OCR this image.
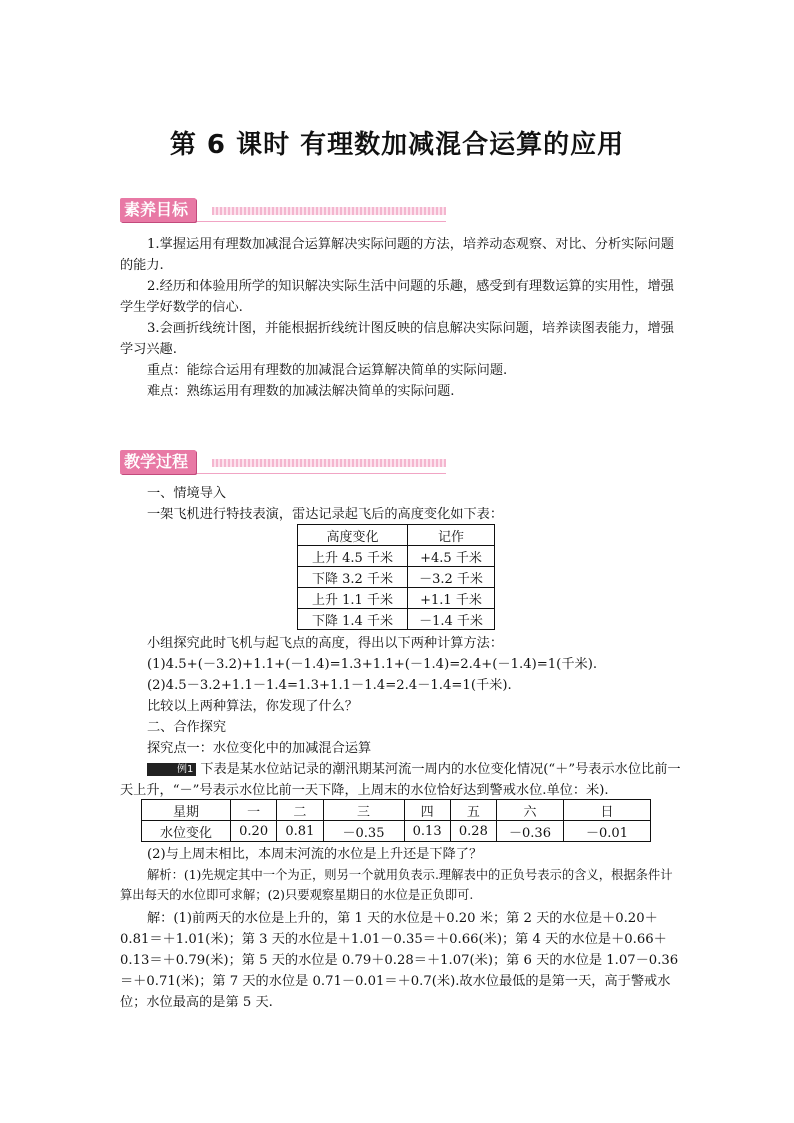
第 6 课时 有理数加减混合运算的应用
素养目标
1.掌握运用有理数加减混合运算解决实际问题的方法，培养动态观察、对比、分析实际问题的能力.
2.经历和体验用所学的知识解决实际生活中问题的乐趣，感受到有理数运算的实用性，增强学生学好数学的信心.
3.会画折线统计图，并能根据折线统计图反映的信息解决实际问题，培养读图表能力，增强学习兴趣.
重点：能综合运用有理数的加减混合运算解决简单的实际问题.
难点：熟练运用有理数的加减法解决简单的实际问题.
教学过程
一、情境导入
一架飞机进行特技表演，雷达记录起飞后的高度变化如下表：
高度变化	记作
上升 4.5 千米	+4.5 千米
下降 3.2 千米	－3.2 千米
上升 1.1 千米	+1.1 千米
下降 1.4 千米	－1.4 千米
小组探究此时飞机与起飞点的高度，得出以下两种计算方法：
(1)4.5+(－3.2)+1.1+(－1.4)=1.3+1.1+(－1.4)=2.4+(－1.4)=1(千米).
(2)4.5－3.2+1.1－1.4=1.3+1.1－1.4=2.4－1.4=1(千米).
比较以上两种算法，你发现了什么？
二、合作探究
探究点一：水位变化中的加减混合运算
例1 下表是某水位站记录的潮汛期某河流一周内的水位变化情况(“＋”号表示水位比前一天上升，“－”号表示水位比前一天下降，上周末的水位恰好达到警戒水位.单位：米).
星期	一	二	三	四	五	六	日
水位变化	0.20	0.81	－0.35	0.13	0.28	－0.36	－0.01
(2)与上周末相比，本周末河流的水位是上升还是下降了？
解析：(1)先规定其中一个为正，则另一个就用负表示.理解表中的正负号表示的含义，根据条件计算出每天的水位即可求解；(2)只要观察星期日的水位是正负即可.
解：(1)前两天的水位是上升的，第 1 天的水位是＋0.20 米；第 2 天的水位是＋0.20＋0.81＝＋1.01(米)；第 3 天的水位是＋1.01－0.35＝＋0.66(米)；第 4 天的水位是＋0.66＋0.13＝＋0.79(米)；第 5 天的水位是 0.79＋0.28＝＋1.07(米)；第 6 天的水位是 1.07－0.36＝＋0.71(米)；第 7 天的水位是 0.71－0.01＝＋0.7(米).故水位最低的是第一天，高于警戒水位；水位最高的是第 5 天.
